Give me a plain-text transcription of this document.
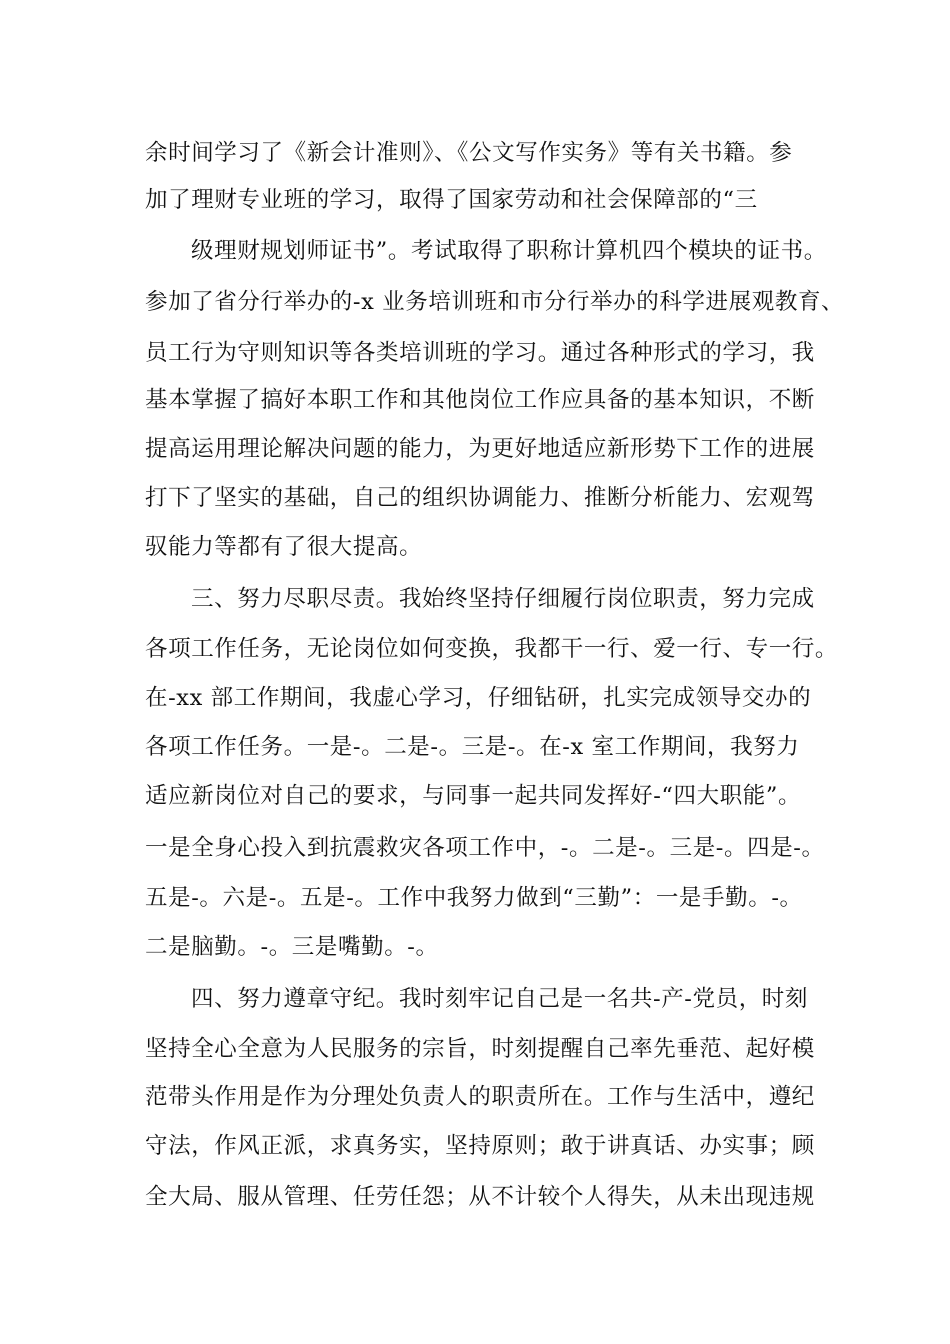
余时间学习了《新会计准则》、《公文写作实务》等有关书籍。参
加了理财专业班的学习，取得了国家劳动和社会保障部的“三
级理财规划师证书”。考试取得了职称计算机四个模块的证书。
参加了省分行举办的-x 业务培训班和市分行举办的科学进展观教育、
员工行为守则知识等各类培训班的学习。通过各种形式的学习，我
基本掌握了搞好本职工作和其他岗位工作应具备的基本知识，不断
提高运用理论解决问题的能力，为更好地适应新形势下工作的进展
打下了坚实的基础，自己的组织协调能力、推断分析能力、宏观驾
驭能力等都有了很大提高。
三、努力尽职尽责。我始终坚持仔细履行岗位职责，努力完成
各项工作任务，无论岗位如何变换，我都干一行、爱一行、专一行。
在-xx 部工作期间，我虚心学习，仔细钻研，扎实完成领导交办的
各项工作任务。一是-。二是-。三是-。在-x 室工作期间，我努力
适应新岗位对自己的要求，与同事一起共同发挥好-“四大职能”。
一是全身心投入到抗震救灾各项工作中，-。二是-。三是-。四是-。
五是-。六是-。五是-。工作中我努力做到“三勤”：一是手勤。-。
二是脑勤。-。三是嘴勤。-。
四、努力遵章守纪。我时刻牢记自己是一名共-产-党员，时刻
坚持全心全意为人民服务的宗旨，时刻提醒自己率先垂范、起好模
范带头作用是作为分理处负责人的职责所在。工作与生活中，遵纪
守法，作风正派，求真务实，坚持原则；敢于讲真话、办实事；顾
全大局、服从管理、任劳任怨；从不计较个人得失，从未出现违规
